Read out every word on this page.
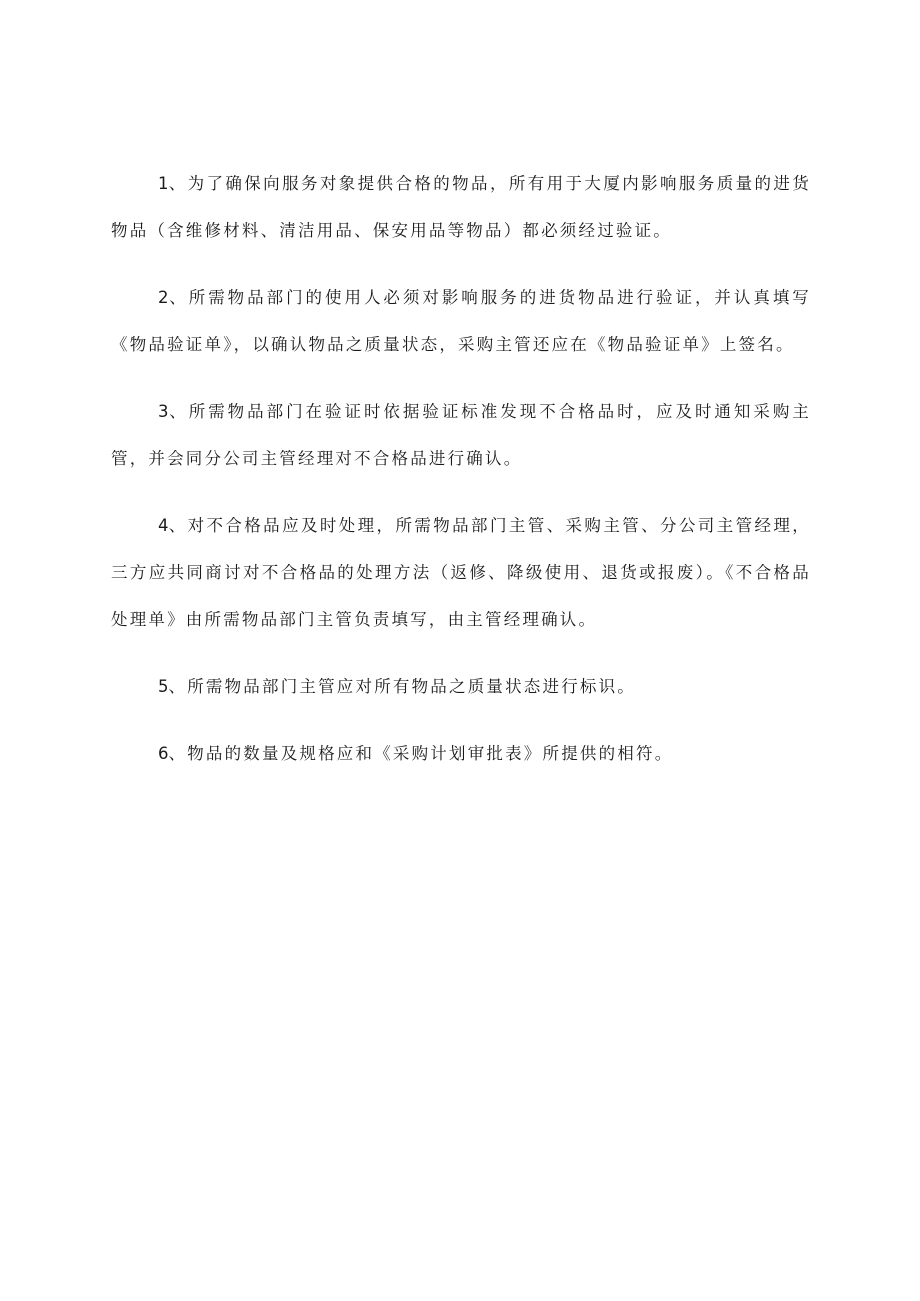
1、为了确保向服务对象提供合格的物品，所有用于大厦内影响服务质量的进货物品（含维修材料、清洁用品、保安用品等物品）都必须经过验证。

2、所需物品部门的使用人必须对影响服务的进货物品进行验证，并认真填写《物品验证单》，以确认物品之质量状态，采购主管还应在《物品验证单》上签名。

3、所需物品部门在验证时依据验证标准发现不合格品时，应及时通知采购主管，并会同分公司主管经理对不合格品进行确认。

4、对不合格品应及时处理，所需物品部门主管、采购主管、分公司主管经理，三方应共同商讨对不合格品的处理方法（返修、降级使用、退货或报废）。《不合格品处理单》由所需物品部门主管负责填写，由主管经理确认。

5、所需物品部门主管应对所有物品之质量状态进行标识。

6、物品的数量及规格应和《采购计划审批表》所提供的相符。
